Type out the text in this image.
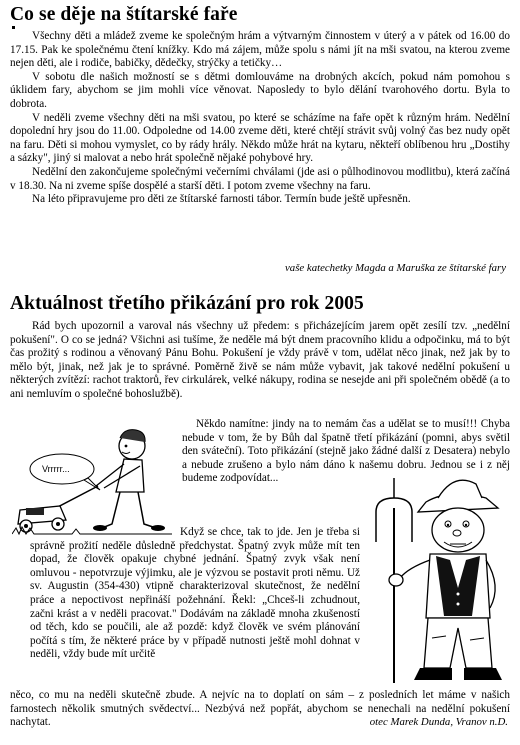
Co se děje na štítarské faře

Všechny děti a mládež zveme ke společným hrám a výtvarným činnostem v úterý a v pátek od 16.00 do 17.15. Pak ke společnému čtení knížky. Kdo má zájem, může spolu s námi jít na mši svatou, na kterou zveme nejen děti, ale i rodiče, babičky, dědečky, strýčky a tetičky…

V sobotu dle našich možností se s dětmi domlouváme na drobných akcích, pokud nám pomohou s úklidem fary, abychom se jim mohli více věnovat. Naposledy to bylo dělání tvarohového dortu. Byla to dobrota.

V neděli zveme všechny děti na mši svatou, po které se scházíme na faře opět k různým hrám. Nedělní dopolední hry jsou do 11.00. Odpoledne od 14.00 zveme děti, které chtějí strávit svůj volný čas bez nudy opět na faru. Děti si mohou vymyslet, co by rády hrály. Někdo může hrát na kytaru, někteří oblíbenou hru „Dostihy a sázky", jiný si malovat a nebo hrát společně nějaké pohybové hry.

Nedělní den zakončujeme společnými večerními chválami (jde asi o půlhodinovou modlitbu), která začíná v 18.30. Na ni zveme spíše dospělé a starší děti. I potom zveme všechny na faru.

Na léto připravujeme pro děti ze štítarské farnosti tábor. Termín bude ještě upřesněn.

vaše katechetky Magda a Maruška ze štítarské fary
Aktuálnost třetího přikázání pro rok 2005

Rád bych upozornil a varoval nás všechny už předem: s přicházejícím jarem opět zesílí tzv. „nedělní pokušení". O co se jedná? Všichni asi tušíme, že neděle má být dnem pracovního klidu a odpočinku, má to být čas prožitý s rodinou a věnovaný Pánu Bohu. Pokušení je vždy právě v tom, udělat něco jinak, než jak by to mělo být, jinak, než jak je to správné. Poměrně živě se nám může vybavit, jak takové nedělní pokušení u některých zvítězí: rachot traktorů, řev cirkulárek, velké nákupy, rodina se nesejde ani při společném obědě (a to ani nemluvím o společné bohoslužbě).

Vrrrrr...

Někdo namítne: jindy na to nemám čas a udělat se to musí!!! Chyba nebude v tom, že by Bůh dal špatně třetí přikázání (pomni, abys světil den sváteční). Toto přikázání (stejně jako žádné další z Desatera) nebylo a nebude zrušeno a bylo nám dáno k našemu dobru. Jednou se i z něj budeme zodpovídat...

Když se chce, tak to jde. Jen je třeba si správně prožití neděle důsledně předchystat. Špatný zvyk může mít ten dopad, že člověk opakuje chybné jednání. Špatný zvyk však není omluvou - nepotvrzuje výjimku, ale je výzvou se postavit proti němu. Už sv. Augustin (354-430) vtipně charakterizoval skutečnost, že nedělní práce a nepoctivost nepřináší požehnání. Řekl: „Chceš-li zchudnout, začni krást a v neděli pracovat." Dodávám na základě mnoha zkušeností od těch, kdo se poučili, ale až pozdě: když člověk ve svém plánování počítá s tím, že některé práce by v případě nutnosti ještě mohl dohnat v neděli, vždy bude mít určitě

něco, co mu na neděli skutečně zbude. A nejvíc na to doplatí on sám – z posledních let máme v našich farnostech několik smutných svědectví... Nezbývá než popřát, abychom se nenechali na nedělní pokušení nachytat.	otec Marek Dunda, Vranov n.D.
